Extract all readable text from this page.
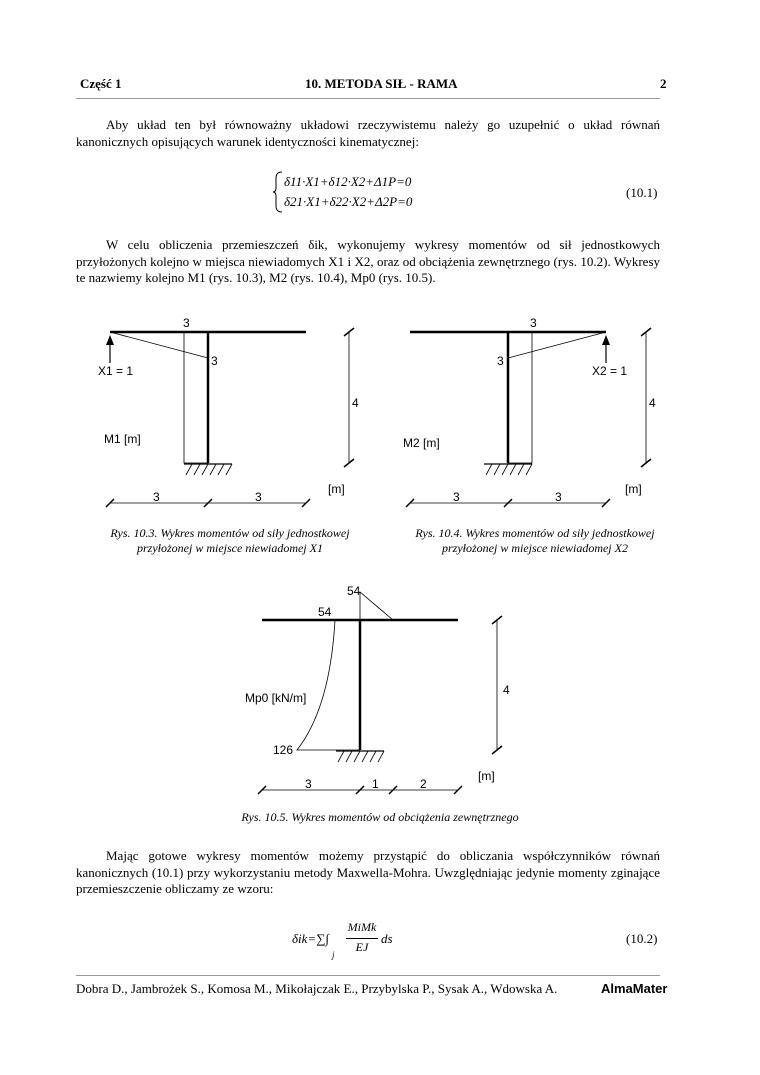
Część 1	10. METODA SIŁ - RAMA	2
Aby układ ten był równoważny układowi rzeczywistemu należy go uzupełnić o układ równań kanonicznych opisujących warunek identyczności kinematycznej:
δ11·X1+δ12·X2+Δ1P=0
δ21·X1+δ22·X2+Δ2P=0
(10.1)
W celu obliczenia przemieszczeń δik, wykonujemy wykresy momentów od sił jednostkowych przyłożonych kolejno w miejsca niewiadomych X1 i X2, oraz od obciążenia zewnętrznego (rys. 10.2). Wykresy te nazwiemy kolejno M1 (rys. 10.3), M2 (rys. 10.4), Mp0 (rys. 10.5).
3
3
X1 = 1
M1 [m]
4
3	3
[m]
Rys. 10.3. Wykres momentów od siły jednostkowej
przyłożonej w miejsce niewiadomej X1
3
3
X2 = 1
M2 [m]
4
3	3
[m]
Rys. 10.4. Wykres momentów od siły jednostkowej
przyłożonej w miejsce niewiadomej X2
54
54
126
Mp0 [kN/m]
4
3	1	2
[m]
Rys. 10.5. Wykres momentów od obciążenia zewnętrznego
Mając gotowe wykresy momentów możemy przystąpić do obliczania współczynników równań kanonicznych (10.1) przy wykorzystaniu metody Maxwella-Mohra. Uwzględniając jedynie momenty zginające przemieszczenie obliczamy ze wzoru:
δik=∑∫
j
MiMk
EJ
ds	(10.2)
Dobra D., Jambrożek S., Komosa M., Mikołajczak E., Przybylska P., Sysak A., Wdowska A.	AlmaMater
